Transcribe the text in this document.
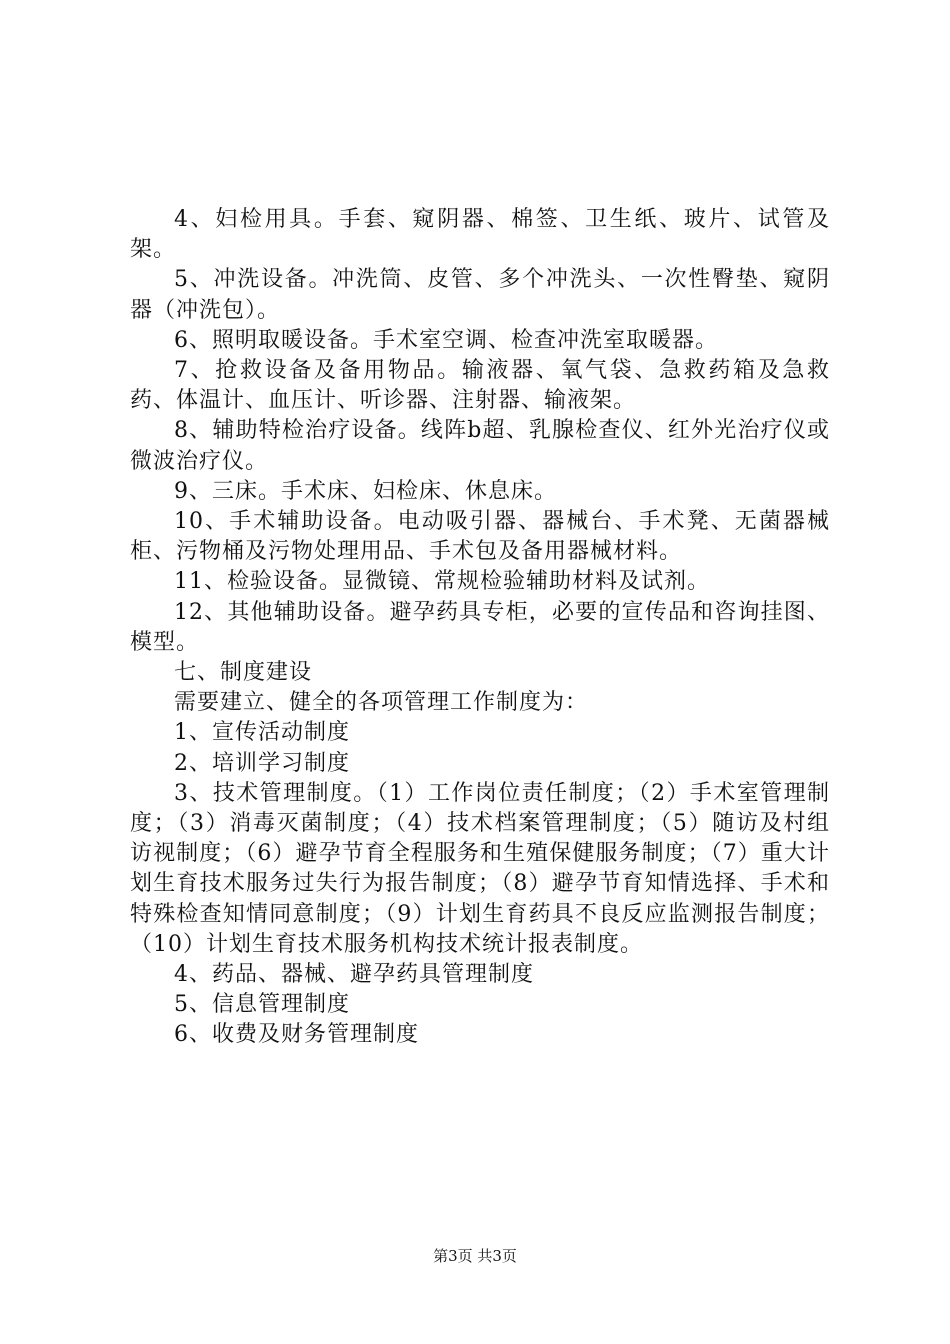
4、妇检用具。手套、窥阴器、棉签、卫生纸、玻片、试管及架。

5、冲洗设备。冲洗筒、皮管、多个冲洗头、一次性臀垫、窥阴器（冲洗包）。

6、照明取暖设备。手术室空调、检查冲洗室取暖器。

7、抢救设备及备用物品。输液器、氧气袋、急救药箱及急救药、体温计、血压计、听诊器、注射器、输液架。

8、辅助特检治疗设备。线阵b超、乳腺检查仪、红外光治疗仪或微波治疗仪。

9、三床。手术床、妇检床、休息床。

10、手术辅助设备。电动吸引器、器械台、手术凳、无菌器械柜、污物桶及污物处理用品、手术包及备用器械材料。

11、检验设备。显微镜、常规检验辅助材料及试剂。

12、其他辅助设备。避孕药具专柜，必要的宣传品和咨询挂图、模型。

七、制度建设

需要建立、健全的各项管理工作制度为：

1、宣传活动制度

2、培训学习制度

3、技术管理制度。（1）工作岗位责任制度；（2）手术室管理制度；（3）消毒灭菌制度；（4）技术档案管理制度；（5）随访及村组访视制度；（6）避孕节育全程服务和生殖保健服务制度；（7）重大计划生育技术服务过失行为报告制度；（8）避孕节育知情选择、手术和特殊检查知情同意制度；（9）计划生育药具不良反应监测报告制度；（10）计划生育技术服务机构技术统计报表制度。

4、药品、器械、避孕药具管理制度

5、信息管理制度

6、收费及财务管理制度

第3页 共3页
